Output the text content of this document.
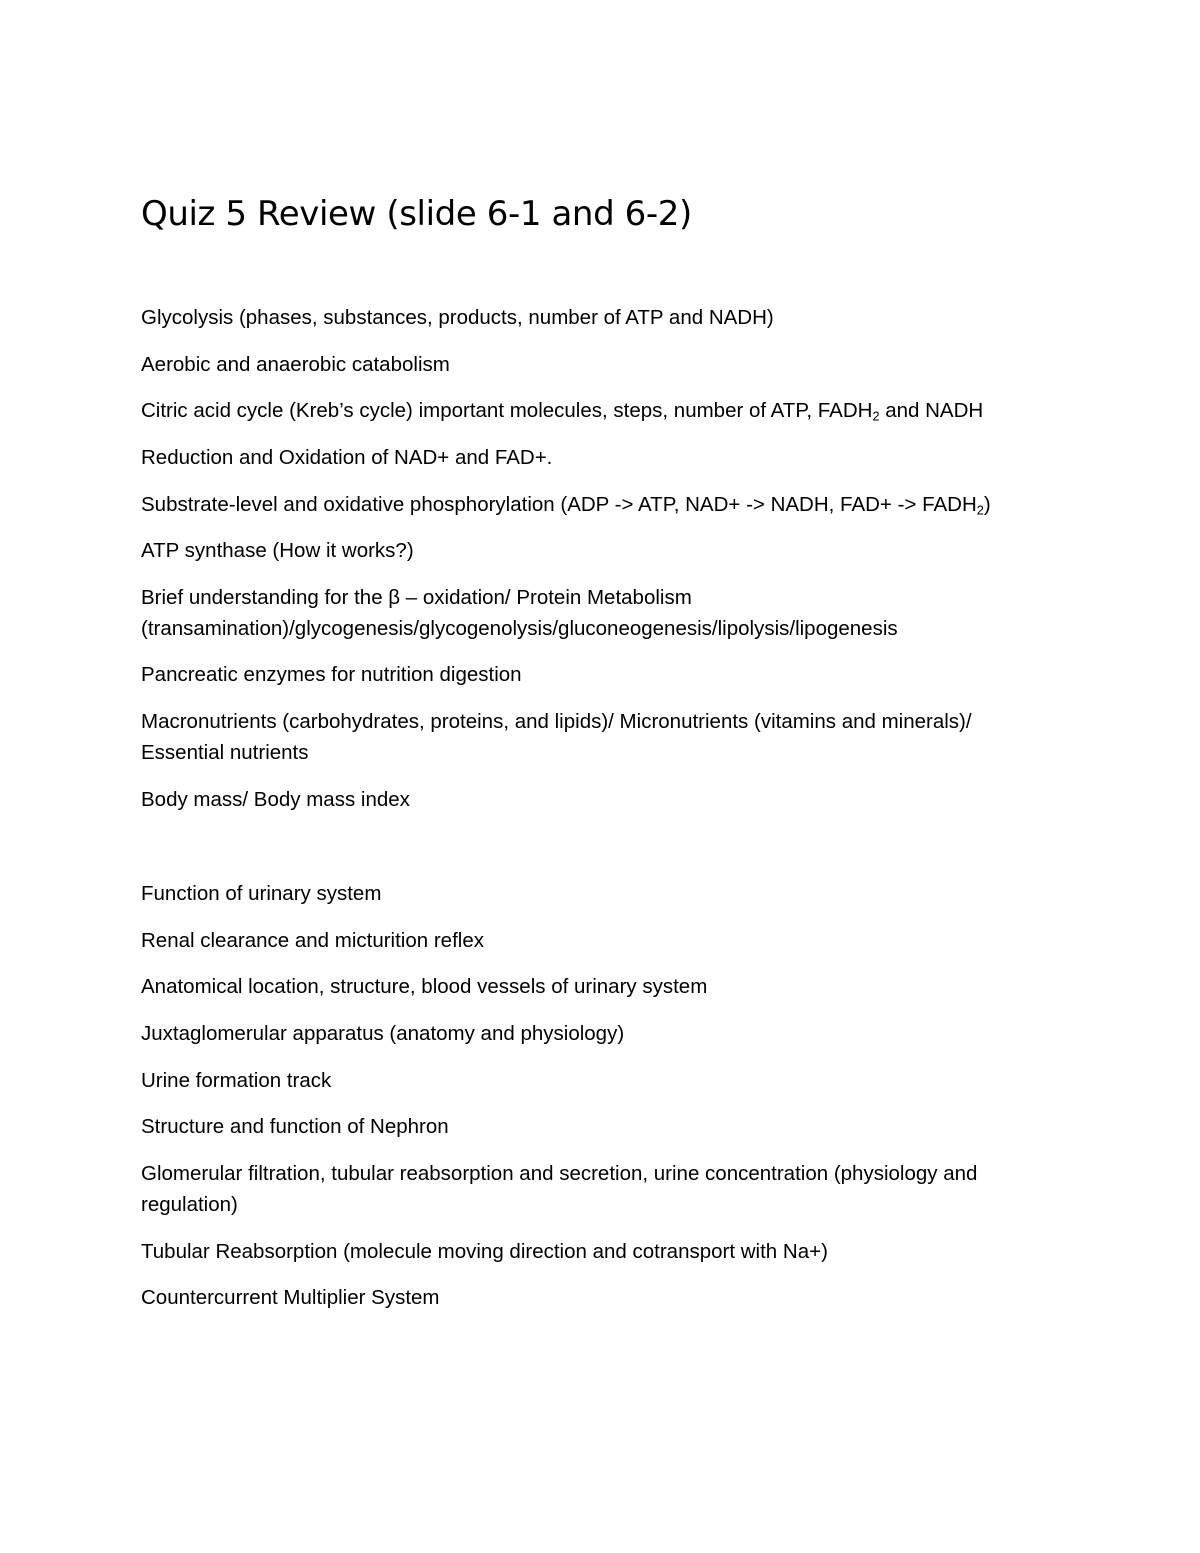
Quiz 5 Review (slide 6-1 and 6-2)

Glycolysis (phases, substances, products, number of ATP and NADH)

Aerobic and anaerobic catabolism

Citric acid cycle (Kreb’s cycle) important molecules, steps, number of ATP, $FADH_2$ and NADH

Reduction and Oxidation of NAD+ and FAD+.

Substrate-level and oxidative phosphorylation (ADP -> ATP, NAD+ -> NADH, $FAD+ -> FADH_2$)

ATP synthase (How it works?)

Brief understanding for the β – oxidation/ Protein Metabolism

(transamination)/glycogenesis/glycogenolysis/gluconeogenesis/lipolysis/lipogenesis

Pancreatic enzymes for nutrition digestion

Macronutrients (carbohydrates, proteins, and lipids)/ Micronutrients (vitamins and minerals)/

Essential nutrients

Body mass/ Body mass index

Function of urinary system

Renal clearance and micturition reflex

Anatomical location, structure, blood vessels of urinary system

Juxtaglomerular apparatus (anatomy and physiology)

Urine formation track

Structure and function of Nephron

Glomerular filtration, tubular reabsorption and secretion, urine concentration (physiology and

regulation)

Tubular Reabsorption (molecule moving direction and cotransport with Na+)

Countercurrent Multiplier System
